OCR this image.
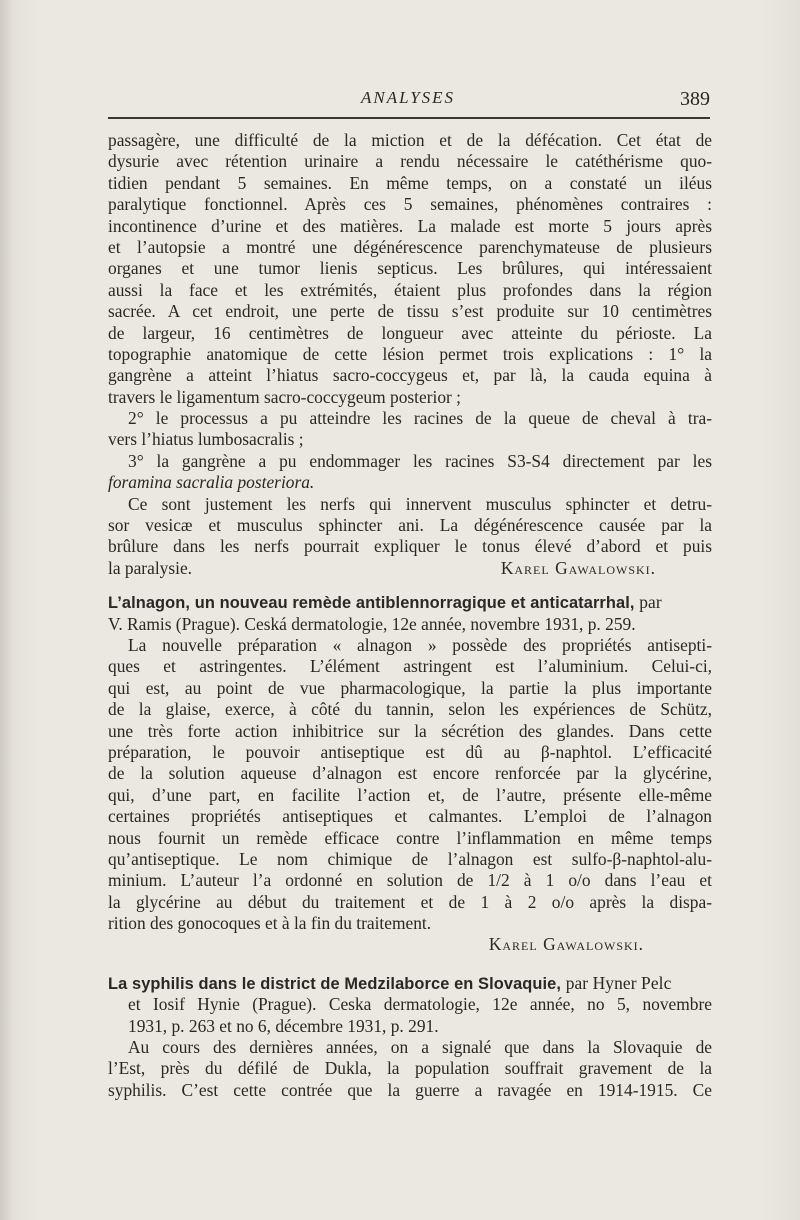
ANALYSES	389
passagère, une difficulté de la miction et de la défécation. Cet état de
dysurie avec rétention urinaire a rendu nécessaire le catéthérisme quo-
tidien pendant 5 semaines. En même temps, on a constaté un iléus
paralytique fonctionnel. Après ces 5 semaines, phénomènes contraires :
incontinence d’urine et des matières. La malade est morte 5 jours après
et l’autopsie a montré une dégénérescence parenchymateuse de plusieurs
organes et une tumor lienis septicus. Les brûlures, qui intéressaient
aussi la face et les extrémités, étaient plus profondes dans la région
sacrée. A cet endroit, une perte de tissu s’est produite sur 10 centimètres
de largeur, 16 centimètres de longueur avec atteinte du périoste. La
topographie anatomique de cette lésion permet trois explications : 1° la
gangrène a atteint l’hiatus sacro-coccygeus et, par là, la cauda equina à
travers le ligamentum sacro-coccygeum posterior ;
2° le processus a pu atteindre les racines de la queue de cheval à tra-
vers l’hiatus lumbosacralis ;
3° la gangrène a pu endommager les racines S3-S4 directement par les
foramina sacralia posteriora.
Ce sont justement les nerfs qui innervent musculus sphincter et detru-
sor vesicæ et musculus sphincter ani. La dégénérescence causée par la
brûlure dans les nerfs pourrait expliquer le tonus élevé d’abord et puis
la paralysie.	Karel Gawalowski.
L’alnagon, un nouveau remède antiblennorragique et anticatarrhal, par
V. Ramis (Prague). Ceská dermatologie, 12e année, novembre 1931, p. 259.
La nouvelle préparation « alnagon » possède des propriétés antisepti-
ques et astringentes. L’élément astringent est l’aluminium. Celui-ci,
qui est, au point de vue pharmacologique, la partie la plus importante
de la glaise, exerce, à côté du tannin, selon les expériences de Schütz,
une très forte action inhibitrice sur la sécrétion des glandes. Dans cette
préparation, le pouvoir antiseptique est dû au β-naphtol. L’efficacité
de la solution aqueuse d’alnagon est encore renforcée par la glycérine,
qui, d’une part, en facilite l’action et, de l’autre, présente elle-même
certaines propriétés antiseptiques et calmantes. L’emploi de l’alnagon
nous fournit un remède efficace contre l’inflammation en même temps
qu’antiseptique. Le nom chimique de l’alnagon est sulfo-β-naphtol-alu-
minium. L’auteur l’a ordonné en solution de 1/2 à 1 o/o dans l’eau et
la glycérine au début du traitement et de 1 à 2 o/o après la dispa-
rition des gonocoques et à la fin du traitement.
Karel Gawalowski.
La syphilis dans le district de Medzilaborce en Slovaquie, par Hyner Pelc
et Iosif Hynie (Prague). Ceska dermatologie, 12e année, no 5, novembre
1931, p. 263 et no 6, décembre 1931, p. 291.
Au cours des dernières années, on a signalé que dans la Slovaquie de
l’Est, près du défilé de Dukla, la population souffrait gravement de la
syphilis. C’est cette contrée que la guerre a ravagée en 1914-1915. Ce
